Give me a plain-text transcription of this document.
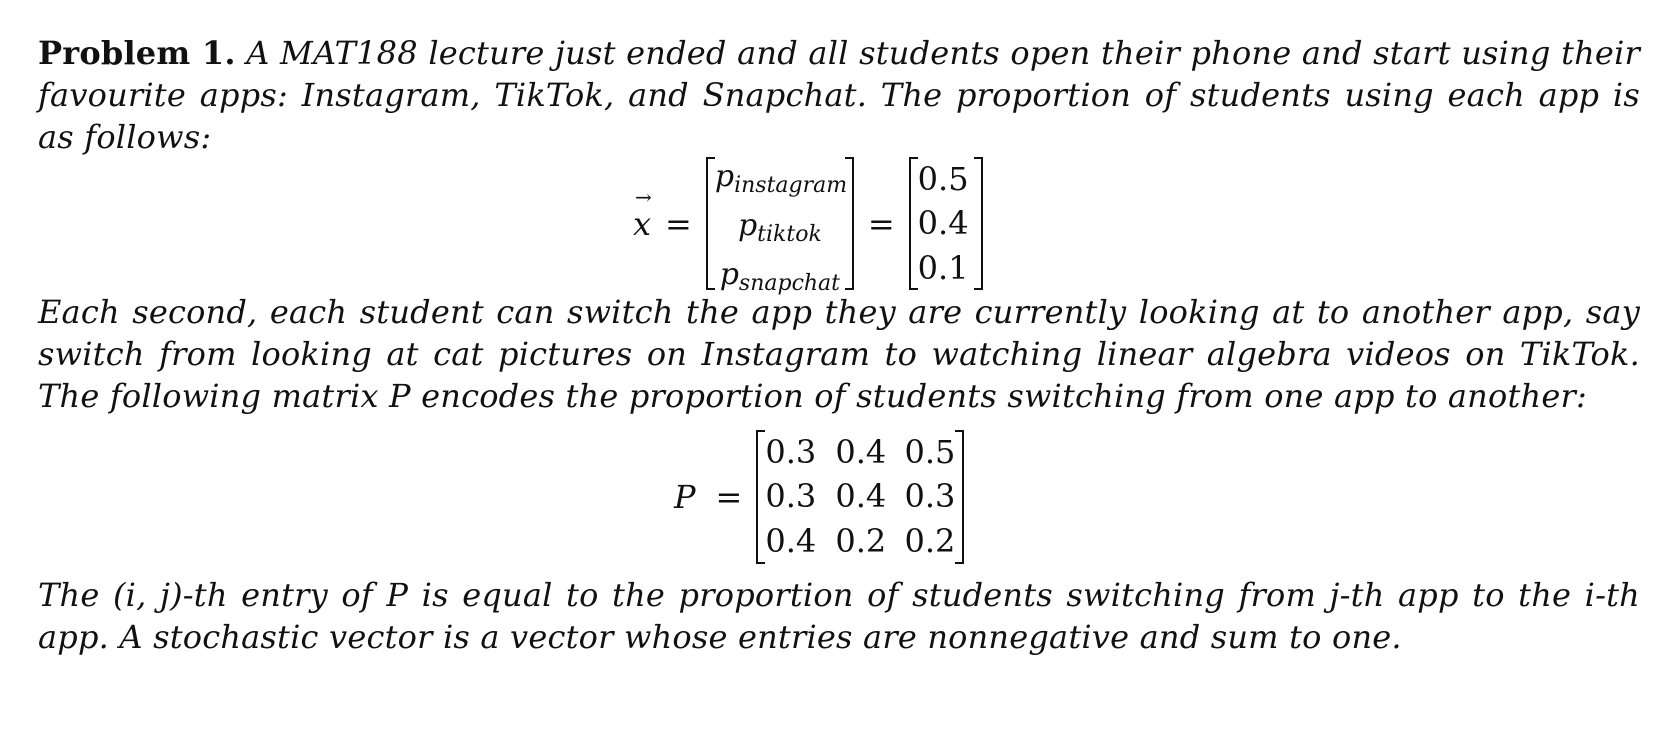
Problem 1. A MAT188 lecture just ended and all students open their phone and start using their favourite apps: Instagram, TikTok, and Snapchat. The proportion of students using each app is as follows:
→ x =
$p_{instagram}$
$p_{tiktok}$
$p_{snapchat}$
=
0.5
0.4
0.1
Each second, each student can switch the app they are currently looking at to another app, say switch from looking at cat pictures on Instagram to watching linear algebra videos on TikTok. The following matrix P encodes the proportion of students switching from one app to another:
P =
0.3 0.4 0.5
0.3 0.4 0.3
0.4 0.2 0.2
The (i, j)-th entry of P is equal to the proportion of students switching from j-th app to the i-th app. A stochastic vector is a vector whose entries are nonnegative and sum to one.
